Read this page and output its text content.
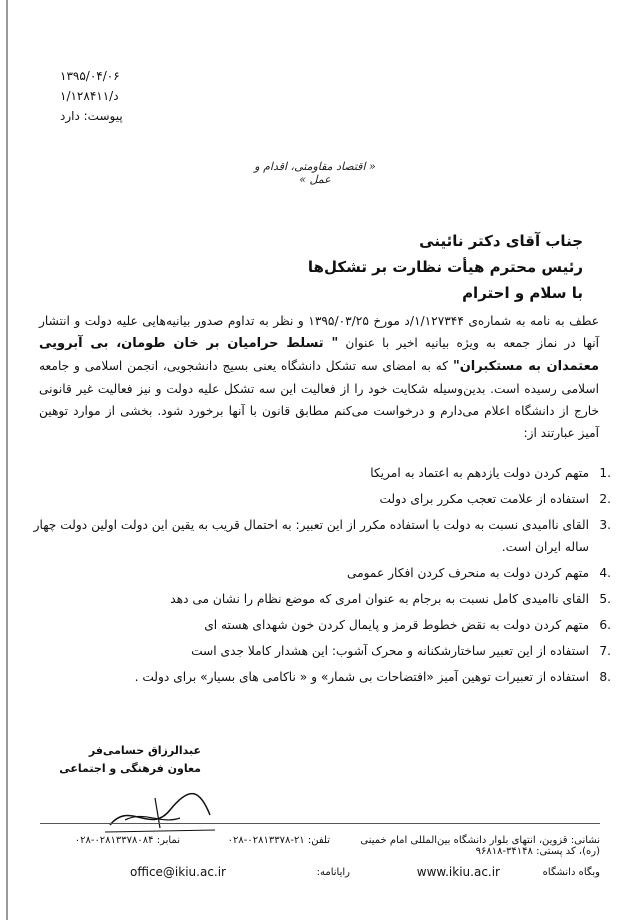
۱۳۹۵/۰۴/۰۶
د/۱/۱۲۸۴۱۱
پیوست: دارد
« اقتصاد مقاومتی، اقدام و عمل »
جناب آقای دکتر نائینی
رئیس محترم هیأت نظارت بر تشکل‌ها
با سلام و احترام
عطف به نامه به شماره‌ی ۱/۱۲۷۳۴۴/د مورخ ۱۳۹۵/۰۳/۲۵ و نظر به تداوم صدور بیانیه‌هایی علیه دولت و انتشار آنها در نماز جمعه به ویژه بیانیه اخیر با عنوان " تسلط حرامیان بر خان طومان، بی آبرویی معتمدان به مستکبران" که به امضای سه تشکل دانشگاه یعنی بسیج دانشجویی، انجمن اسلامی و جامعه اسلامی رسیده است. بدین‌وسیله شکایت خود را از فعالیت این سه تشکل علیه دولت و نیز فعالیت غیر قانونی خارج از دانشگاه اعلام می‌دارم و درخواست می‌کنم مطابق قانون با آنها برخورد شود. بخشی از موارد توهین آمیز عبارتند از:
.1
متهم کردن دولت یازدهم به اعتماد به امریکا
.2
استفاده از علامت تعجب مکرر برای دولت
.3
القای ناامیدی نسبت به دولت با استفاده مکرر از این تعبیر: به احتمال قریب به یقین این دولت اولین دولت چهار ساله ایران است.
.4
متهم کردن دولت به منحرف کردن افکار عمومی
.5
القای ناامیدی کامل نسبت به برجام به عنوان امری که موضع نظام را نشان می دهد
.6
متهم کردن دولت به نقض خطوط قرمز و پایمال کردن خون شهدای هسته ای
.7
استفاده از این تعبیر ساختارشکنانه و محرک آشوب: این هشدار کاملا جدی است
.8
استفاده از تعبیرات توهین آمیز «افتضاحات بی شمار» و « ناکامی های بسیار» برای دولت .
عبدالرزاق حسامی‌فر
معاون فرهنگی و اجتماعی
نشانی: قزوین، انتهای بلوار دانشگاه بین‌المللی امام خمینی (ره)، کد پستی: ۳۴۱۴۸-۹۶۸۱۸
تلفن: ۲۱-۰۲۸۱۳۳۷۸-۰۲۸
نمابر: ۰۲۸۱۳۳۷۸۰۸۴-۰۲۸
وبگاه دانشگاه
www.ikiu.ac.ir
رایانامه:
office@ikiu.ac.ir
